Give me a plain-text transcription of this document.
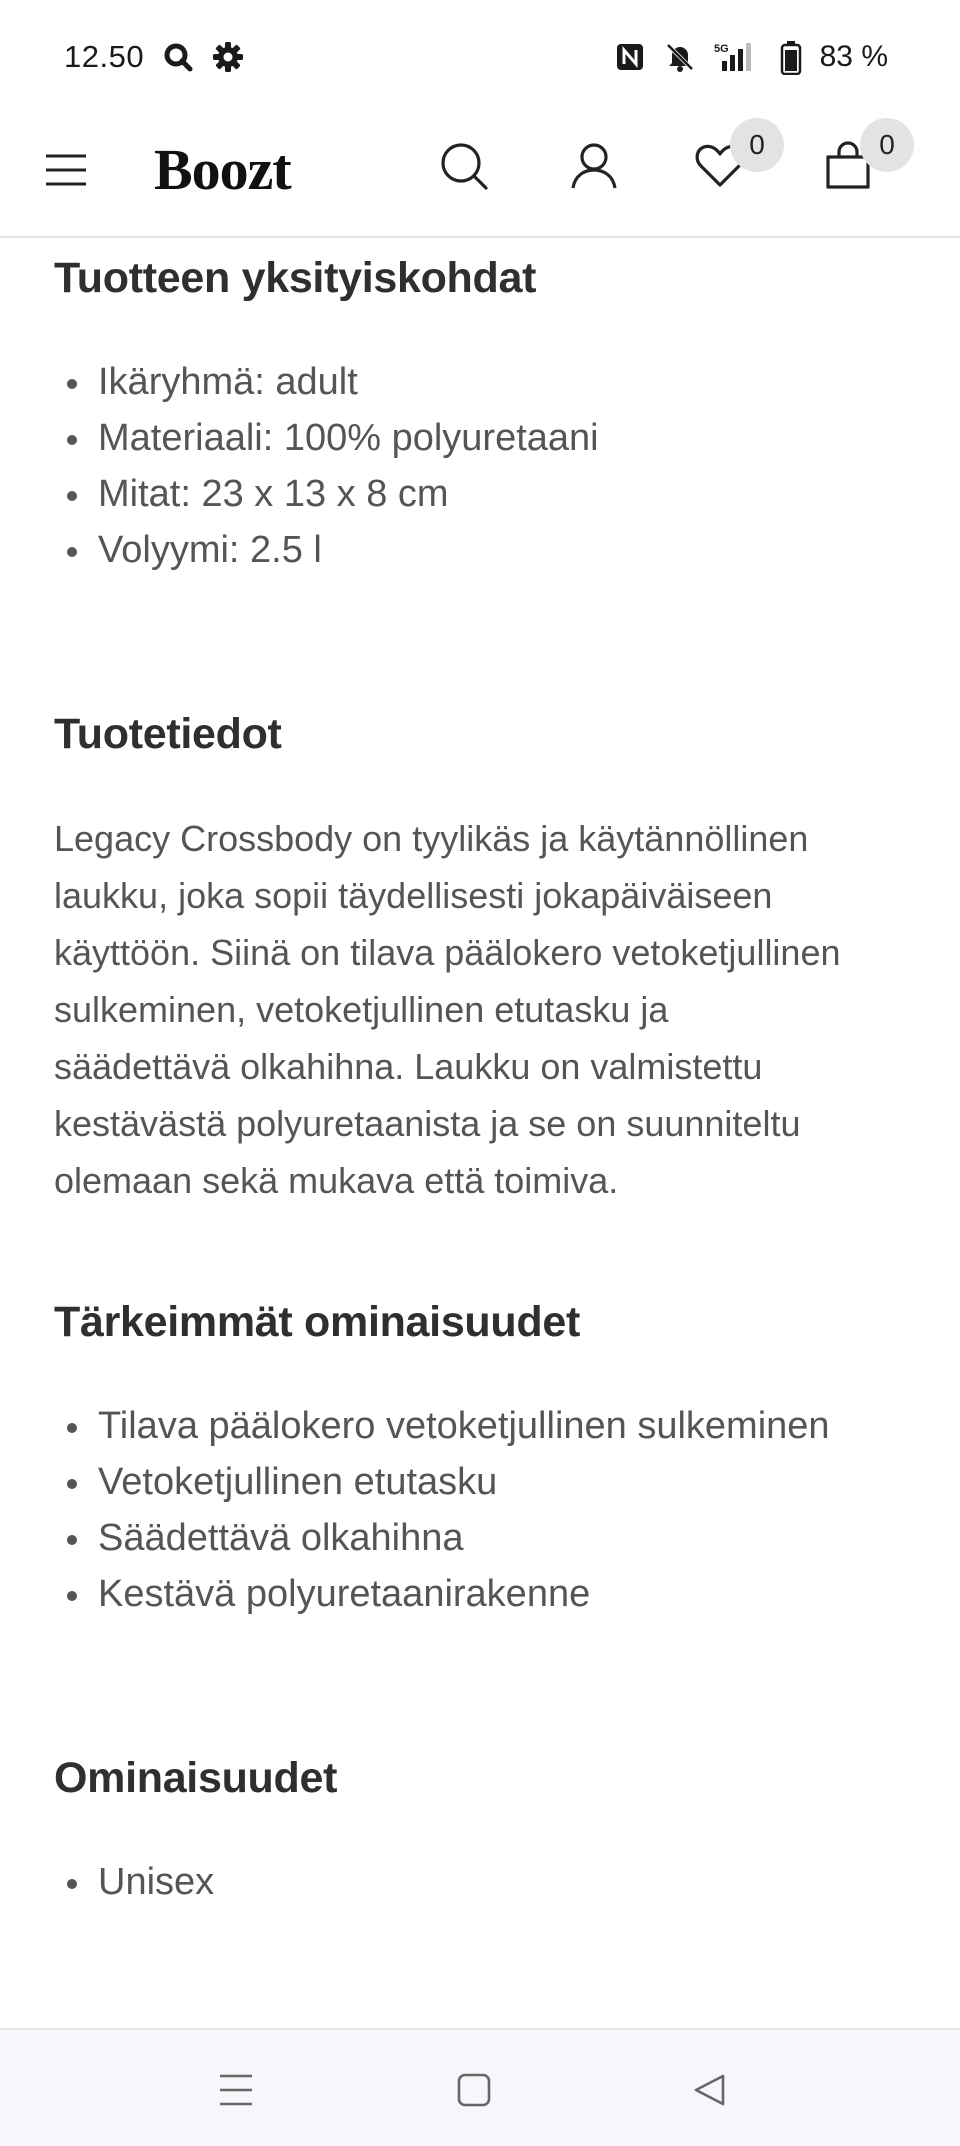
12.50	5G	83 %
Boozt	0	0
Tuotteen yksityiskohdat
Ikäryhmä: adult
Materiaali: 100% polyuretaani
Mitat: 23 x 13 x 8 cm
Volyymi: 2.5 l
Tuotetiedot
Legacy Crossbody on tyylikäs ja käytännöllinen
laukku, joka sopii täydellisesti jokapäiväiseen
käyttöön. Siinä on tilava päälokero vetoketjullinen
sulkeminen, vetoketjullinen etutasku ja
säädettävä olkahihna. Laukku on valmistettu
kestävästä polyuretaanista ja se on suunniteltu
olemaan sekä mukava että toimiva.
Tärkeimmät ominaisuudet
Tilava päälokero vetoketjullinen sulkeminen
Vetoketjullinen etutasku
Säädettävä olkahihna
Kestävä polyuretaanirakenne
Ominaisuudet
Unisex
